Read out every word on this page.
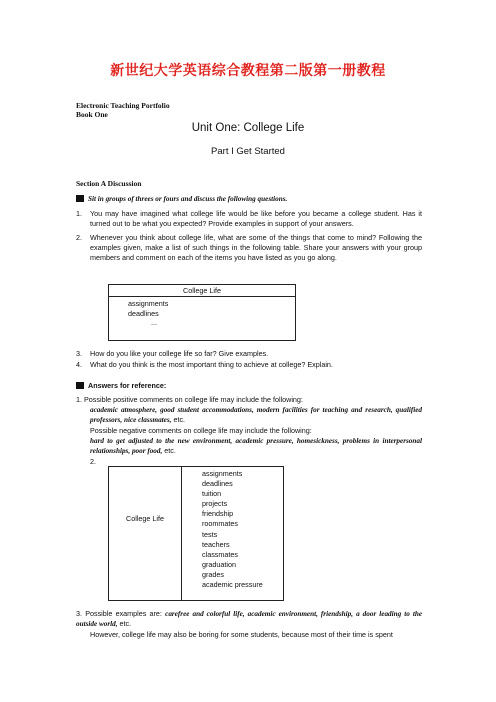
新世纪大学英语综合教程第二版第一册教程
Electronic Teaching Portfolio
Book One
Unit One: College Life
Part I Get Started
Section A Discussion
Sit in groups of threes or fours and discuss the following questions.
1. You may have imagined what college life would be like before you became a college student. Has it turned out to be what you expected? Provide examples in support of your answers.
2. Whenever you think about college life, what are some of the things that come to mind? Following the examples given, make a list of such things in the following table. Share your answers with your group members and comment on each of the items you have listed as you go along.
College Life
assignments
deadlines
...
3. How do you like your college life so far? Give examples.
4. What do you think is the most important thing to achieve at college? Explain.
Answers for reference:
1. Possible positive comments on college life may include the following:
academic atmosphere, good student accommodations, modern facilities for teaching and research, qualified professors, nice classmates, etc.
Possible negative comments on college life may include the following:
hard to get adjusted to the new environment, academic pressure, homesickness, problems in interpersonal relationships, poor food, etc.
2.
College Life
assignments
deadlines
tuition
projects
friendship
roommates
tests
teachers
classmates
graduation
grades
academic pressure
3. Possible examples are: carefree and colorful life, academic environment, friendship, a door leading to the outside world, etc.
However, college life may also be boring for some students, because most of their time is spent
